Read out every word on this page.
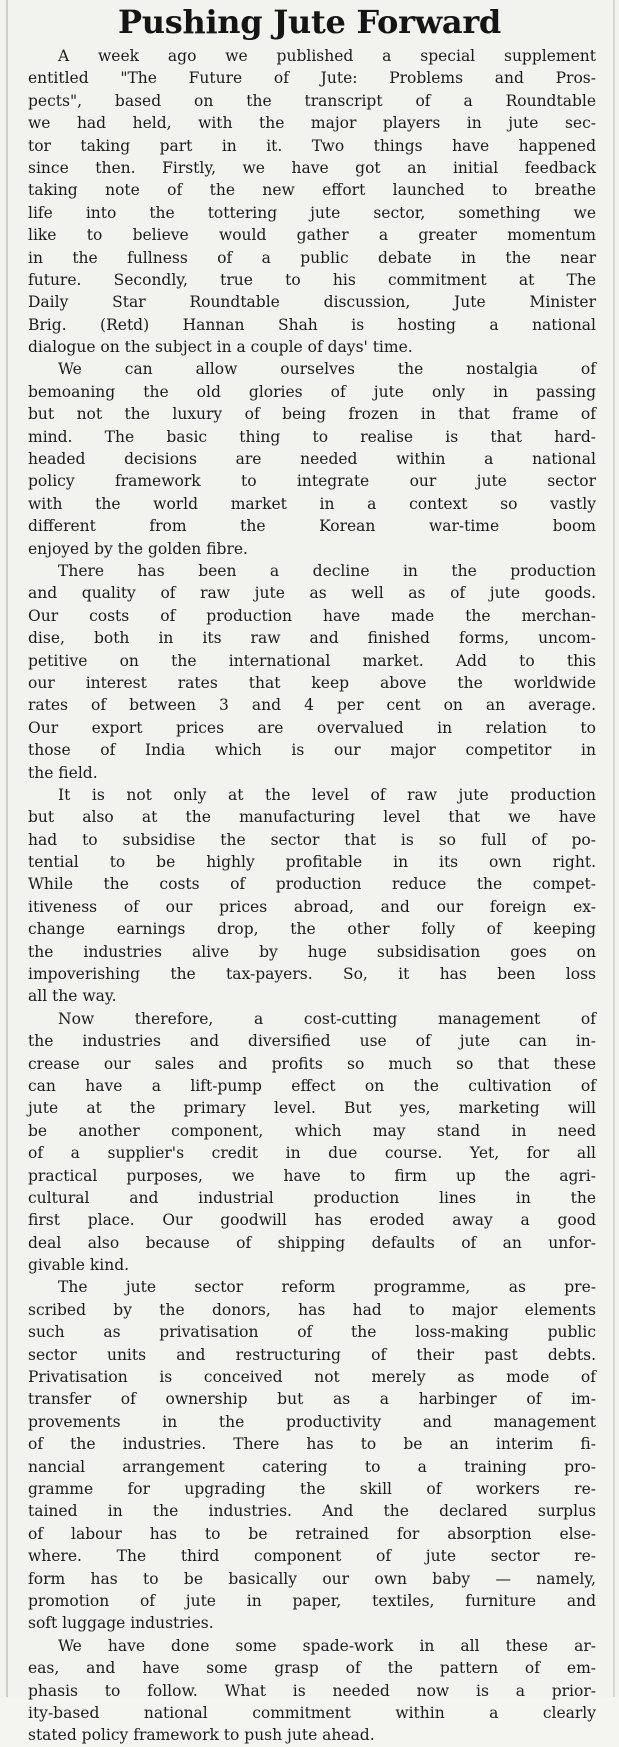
Pushing Jute Forward
A week ago we published a special supplement
entitled "The Future of Jute: Problems and Pros-
pects", based on the transcript of a Roundtable
we had held, with the major players in jute sec-
tor taking part in it. Two things have happened
since then. Firstly, we have got an initial feedback
taking note of the new effort launched to breathe
life into the tottering jute sector, something we
like to believe would gather a greater momentum
in the fullness of a public debate in the near
future. Secondly, true to his commitment at The
Daily Star Roundtable discussion, Jute Minister
Brig. (Retd) Hannan Shah is hosting a national
dialogue on the subject in a couple of days' time.
We can allow ourselves the nostalgia of
bemoaning the old glories of jute only in passing
but not the luxury of being frozen in that frame of
mind. The basic thing to realise is that hard-
headed decisions are needed within a national
policy framework to integrate our jute sector
with the world market in a context so vastly
different from the Korean war-time boom
enjoyed by the golden fibre.
There has been a decline in the production
and quality of raw jute as well as of jute goods.
Our costs of production have made the merchan-
dise, both in its raw and finished forms, uncom-
petitive on the international market. Add to this
our interest rates that keep above the worldwide
rates of between 3 and 4 per cent on an average.
Our export prices are overvalued in relation to
those of India which is our major competitor in
the field.
It is not only at the level of raw jute production
but also at the manufacturing level that we have
had to subsidise the sector that is so full of po-
tential to be highly profitable in its own right.
While the costs of production reduce the compet-
itiveness of our prices abroad, and our foreign ex-
change earnings drop, the other folly of keeping
the industries alive by huge subsidisation goes on
impoverishing the tax-payers. So, it has been loss
all the way.
Now therefore, a cost-cutting management of
the industries and diversified use of jute can in-
crease our sales and profits so much so that these
can have a lift-pump effect on the cultivation of
jute at the primary level. But yes, marketing will
be another component, which may stand in need
of a supplier's credit in due course. Yet, for all
practical purposes, we have to firm up the agri-
cultural and industrial production lines in the
first place. Our goodwill has eroded away a good
deal also because of shipping defaults of an unfor-
givable kind.
The jute sector reform programme, as pre-
scribed by the donors, has had to major elements
such as privatisation of the loss-making public
sector units and restructuring of their past debts.
Privatisation is conceived not merely as mode of
transfer of ownership but as a harbinger of im-
provements in the productivity and management
of the industries. There has to be an interim fi-
nancial arrangement catering to a training pro-
gramme for upgrading the skill of workers re-
tained in the industries. And the declared surplus
of labour has to be retrained for absorption else-
where. The third component of jute sector re-
form has to be basically our own baby — namely,
promotion of jute in paper, textiles, furniture and
soft luggage industries.
We have done some spade-work in all these ar-
eas, and have some grasp of the pattern of em-
phasis to follow. What is needed now is a prior-
ity-based national commitment within a clearly
stated policy framework to push jute ahead.
